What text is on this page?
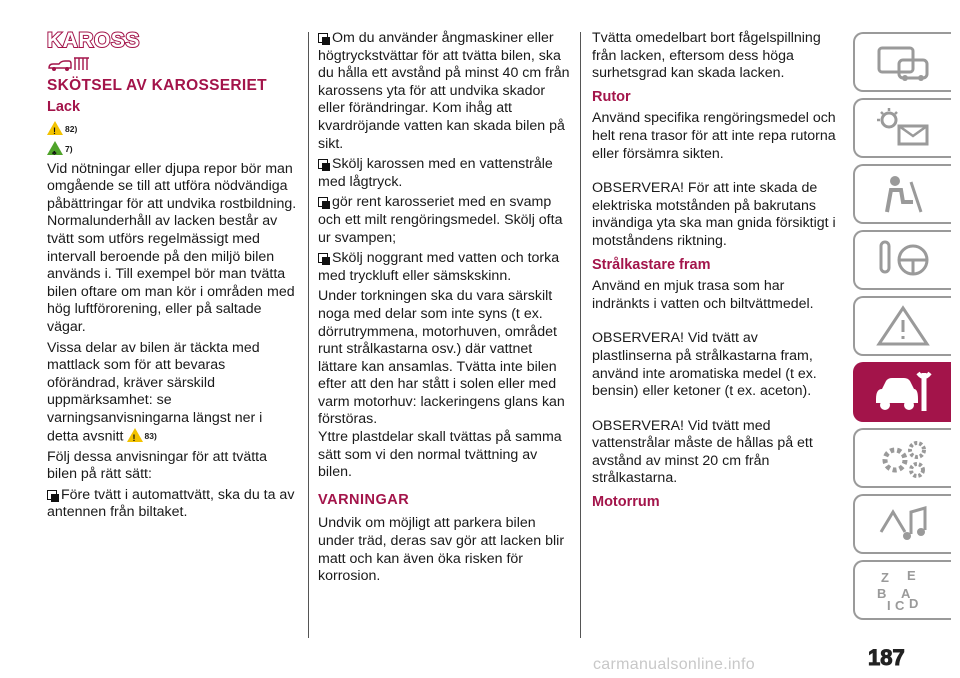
KAROSS
SKÖTSEL AV KAROSSERIET
Lack
!82)
♣7)

Vid nötningar eller djupa repor bör man omgående se till att utföra nödvändiga påbättringar för att undvika rostbildning. Normalunderhåll av lacken består av tvätt som utförs regelmässigt med intervall beroende på den miljö bilen används i. Till exempel bör man tvätta bilen oftare om man kör i områden med hög luftförorening, eller på saltade vägar.

Vissa delar av bilen är täckta med mattlack som för att bevaras oförändrad, kräver särskild uppmärksamhet: se varningsanvisningarna längst ner i detta avsnitt! 83)

Följ dessa anvisningar för att tvätta bilen på rätt sätt:

Före tvätt i automattvätt, ska du ta av antennen från biltaket.

Om du använder ångmaskiner eller högtryckstvättar för att tvätta bilen, ska du hålla ett avstånd på minst 40 cm från karossens yta för att undvika skador eller förändringar. Kom ihåg att kvardröjande vatten kan skada bilen på sikt.

Skölj karossen med en vattenstråle med lågtryck.

gör rent karosseriet med en svamp och ett milt rengöringsmedel. Skölj ofta ur svampen;

Skölj noggrant med vatten och torka med tryckluft eller sämskskinn.

Under torkningen ska du vara särskilt noga med delar som inte syns (t ex. dörrutrymmena, motorhuven, området runt strålkastarna osv.) där vattnet lättare kan ansamlas. Tvätta inte bilen efter att den har stått i solen eller med varm motorhuv: lackeringens glans kan förstöras.

Yttre plastdelar skall tvättas på samma sätt som vi den normal tvättning av bilen.

VARNINGAR

Undvik om möjligt att parkera bilen under träd, deras sav gör att lacken blir matt och kan även öka risken för korrosion.

Tvätta omedelbart bort fågelspillning från lacken, eftersom dess höga surhetsgrad kan skada lacken.

Rutor

Använd specifika rengöringsmedel och helt rena trasor för att inte repa rutorna eller försämra sikten.

OBSERVERA! För att inte skada de elektriska motstånden på bakrutans invändiga yta ska man gnida försiktigt i motståndens riktning.

Strålkastare fram

Använd en mjuk trasa som har indränkts i vatten och biltvättmedel.

OBSERVERA! Vid tvätt av plastlinserna på strålkastarna fram, använd inte aromatiska medel (t ex. bensin) eller ketoner (t ex. aceton).

OBSERVERA! Vid tvätt med vattenstrålar måste de hållas på ett avstånd av minst 20 cm från strålkastarna.

Motorrum
Z E
B A
I C D
187
carmanualsonline.info
